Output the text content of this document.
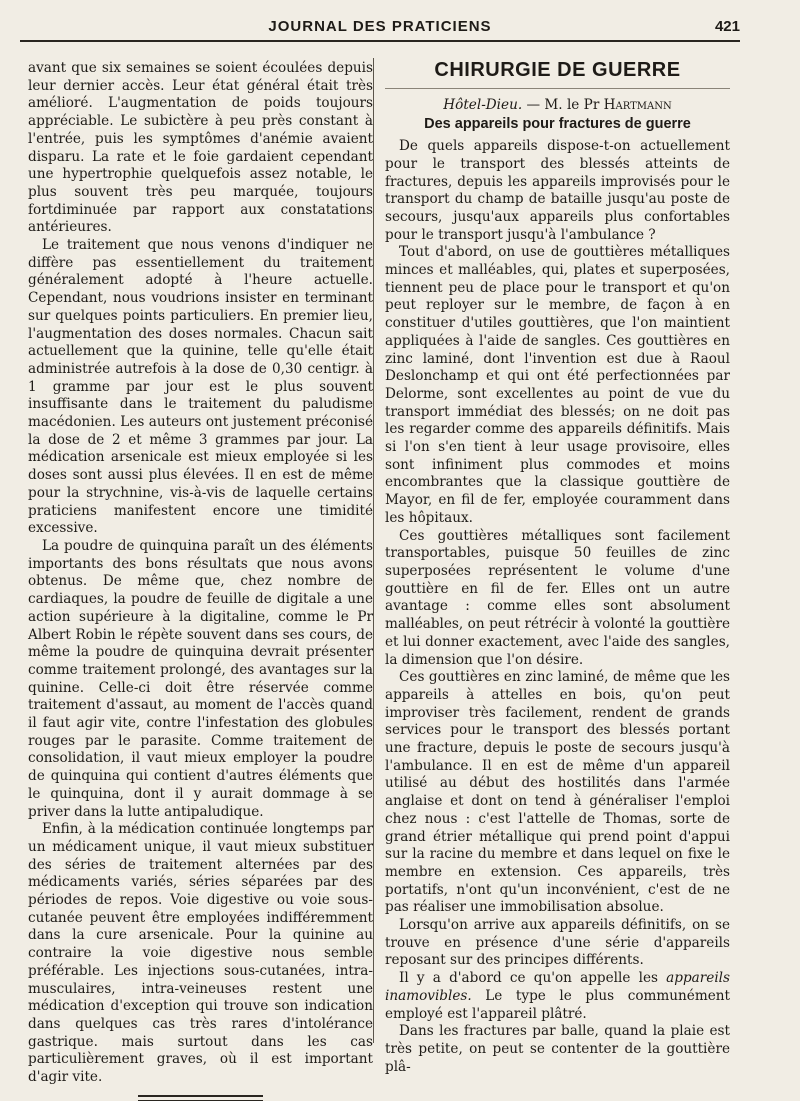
JOURNAL DES PRATICIENS	421

avant que six semaines se soient écoulées depuis leur dernier accès. Leur état général était très amélioré. L'augmentation de poids toujours appréciable. Le subictère à peu près constant à l'entrée, puis les symptômes d'anémie avaient disparu. La rate et le foie gardaient cependant une hypertrophie quelquefois assez notable, le plus souvent très peu marquée, toujours fortdiminuée par rapport aux constatations antérieures.

Le traitement que nous venons d'indiquer ne diffère pas essentiellement du traitement généralement adopté à l'heure actuelle. Cependant, nous voudrions insister en terminant sur quelques points particuliers. En premier lieu, l'augmentation des doses normales. Chacun sait actuellement que la quinine, telle qu'elle était administrée autrefois à la dose de 0,30 centigr. à 1 gramme par jour est le plus souvent insuffisante dans le traitement du paludisme macédonien. Les auteurs ont justement préconisé la dose de 2 et même 3 grammes par jour. La médication arsenicale est mieux employée si les doses sont aussi plus élevées. Il en est de même pour la strychnine, vis-à-vis de laquelle certains praticiens manifestent encore une timidité excessive.

La poudre de quinquina paraît un des éléments importants des bons résultats que nous avons obtenus. De même que, chez nombre de cardiaques, la poudre de feuille de digitale a une action supérieure à la digitaline, comme le Pr Albert Robin le répète souvent dans ses cours, de même la poudre de quinquina devrait présenter comme traitement prolongé, des avantages sur la quinine. Celle-ci doit être réservée comme traitement d'assaut, au moment de l'accès quand il faut agir vite, contre l'infestation des globules rouges par le parasite. Comme traitement de consolidation, il vaut mieux employer la poudre de quinquina qui contient d'autres éléments que le quinquina, dont il y aurait dommage à se priver dans la lutte antipaludique.

Enfin, à la médication continuée longtemps par un médicament unique, il vaut mieux substituer des séries de traitement alternées par des médicaments variés, séries séparées par des périodes de repos. Voie digestive ou voie sous-cutanée peuvent être employées indifféremment dans la cure arsenicale. Pour la quinine au contraire la voie digestive nous semble préférable. Les injections sous-cutanées, intra-musculaires, intra-veineuses restent une médication d'exception qui trouve son indication dans quelques cas très rares d'intolérance gastrique. mais surtout dans les cas particulièrement graves, où il est important d'agir vite.

CHIRURGIE DE GUERRE
Hôtel-Dieu. — M. le Pr Hartmann
Des appareils pour fractures de guerre

De quels appareils dispose-t-on actuellement pour le transport des blessés atteints de fractures, depuis les appareils improvisés pour le transport du champ de bataille jusqu'au poste de secours, jusqu'aux appareils plus confortables pour le transport jusqu'à l'ambulance ?

Tout d'abord, on use de gouttières métalliques minces et malléables, qui, plates et superposées, tiennent peu de place pour le transport et qu'on peut reployer sur le membre, de façon à en constituer d'utiles gouttières, que l'on maintient appliquées à l'aide de sangles. Ces gouttières en zinc laminé, dont l'invention est due à Raoul Deslonchamp et qui ont été perfectionnées par Delorme, sont excellentes au point de vue du transport immédiat des blessés; on ne doit pas les regarder comme des appareils définitifs. Mais si l'on s'en tient à leur usage provisoire, elles sont infiniment plus commodes et moins encombrantes que la classique gouttière de Mayor, en fil de fer, employée couramment dans les hôpitaux.

Ces gouttières métalliques sont facilement transportables, puisque 50 feuilles de zinc superposées représentent le volume d'une gouttière en fil de fer. Elles ont un autre avantage : comme elles sont absolument malléables, on peut rétrécir à volonté la gouttière et lui donner exactement, avec l'aide des sangles, la dimension que l'on désire.

Ces gouttières en zinc laminé, de même que les appareils à attelles en bois, qu'on peut improviser très facilement, rendent de grands services pour le transport des blessés portant une fracture, depuis le poste de secours jusqu'à l'ambulance. Il en est de même d'un appareil utilisé au début des hostilités dans l'armée anglaise et dont on tend à généraliser l'emploi chez nous : c'est l'attelle de Thomas, sorte de grand étrier métallique qui prend point d'appui sur la racine du membre et dans lequel on fixe le membre en extension. Ces appareils, très portatifs, n'ont qu'un inconvénient, c'est de ne pas réaliser une immobilisation absolue.

Lorsqu'on arrive aux appareils définitifs, on se trouve en présence d'une série d'appareils reposant sur des principes différents.

Il y a d'abord ce qu'on appelle les appareils inamovibles. Le type le plus communément employé est l'appareil plâtré.

Dans les fractures par balle, quand la plaie est très petite, on peut se contenter de la gouttière plâ-
